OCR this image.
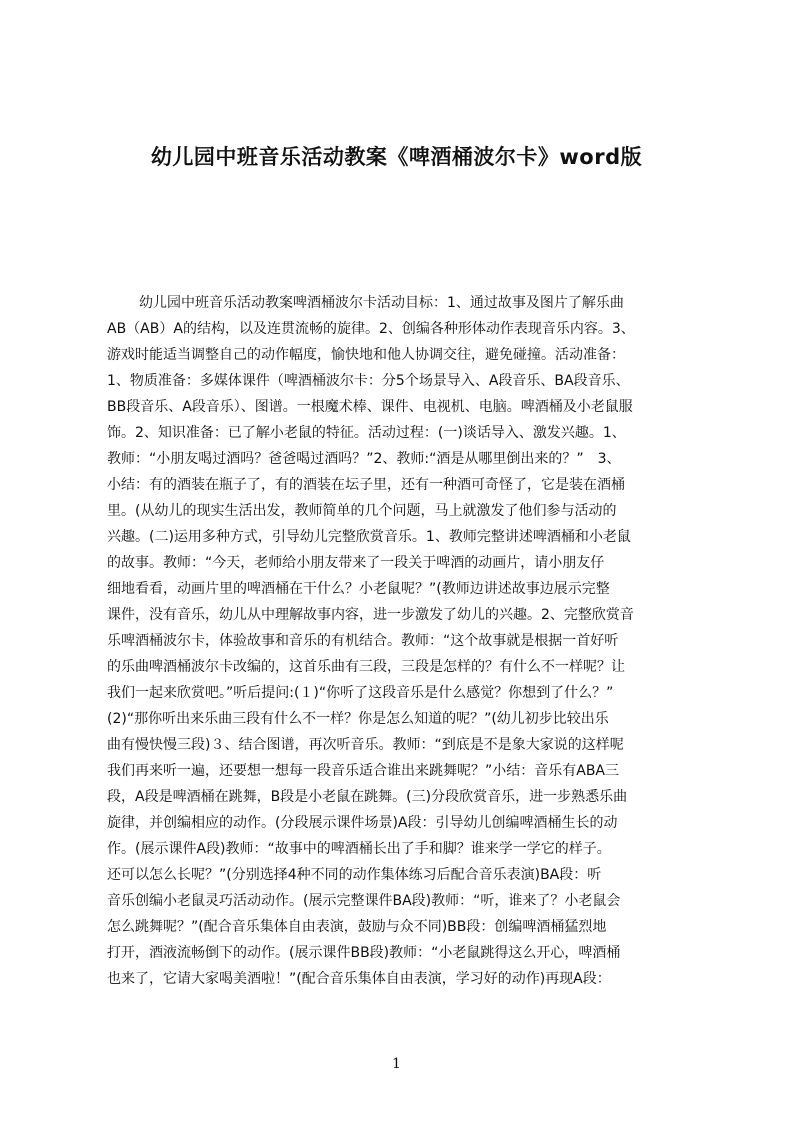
幼儿园中班音乐活动教案《啤酒桶波尔卡》word版
幼儿园中班音乐活动教案啤酒桶波尔卡活动目标：1、通过故事及图片了解乐曲
AB（AB）A的结构，以及连贯流畅的旋律。2、创编各种形体动作表现音乐内容。3、
游戏时能适当调整自己的动作幅度，愉快地和他人协调交往，避免碰撞。活动准备：
1、物质准备：多媒体课件（啤酒桶波尔卡：分5个场景导入、A段音乐、BA段音乐、
BB段音乐、A段音乐）、图谱。一根魔术棒、课件、电视机、电脑。啤酒桶及小老鼠服
饰。2、知识准备：已了解小老鼠的特征。活动过程：(一)谈话导入、激发兴趣。1、
教师：“小朋友喝过酒吗？爸爸喝过酒吗？”2、教师:“酒是从哪里倒出来的？”　3、
小结：有的酒装在瓶子了，有的酒装在坛子里，还有一种酒可奇怪了，它是装在酒桶
里。(从幼儿的现实生活出发，教师简单的几个问题，马上就激发了他们参与活动的
兴趣。(二)运用多种方式，引导幼儿完整欣赏音乐。1、教师完整讲述啤酒桶和小老鼠
的故事。教师：“今天，老师给小朋友带来了一段关于啤酒的动画片，请小朋友仔
细地看看，动画片里的啤酒桶在干什么？小老鼠呢？”(教师边讲述故事边展示完整
课件，没有音乐，幼儿从中理解故事内容，进一步激发了幼儿的兴趣。2、完整欣赏音
乐啤酒桶波尔卡，体验故事和音乐的有机结合。教师：“这个故事就是根据一首好听
的乐曲啤酒桶波尔卡改编的，这首乐曲有三段，三段是怎样的？有什么不一样呢？让
我们一起来欣赏吧。”听后提问:(１)“你听了这段音乐是什么感觉？你想到了什么？”
(2)“那你听出来乐曲三段有什么不一样？你是怎么知道的呢？”(幼儿初步比较出乐
曲有慢快慢三段)３、结合图谱，再次听音乐。教师：“到底是不是象大家说的这样呢
我们再来听一遍，还要想一想每一段音乐适合谁出来跳舞呢？”小结：音乐有ABA三
段，A段是啤酒桶在跳舞，B段是小老鼠在跳舞。(三)分段欣赏音乐，进一步熟悉乐曲
旋律，并创编相应的动作。(分段展示课件场景)A段：引导幼儿创编啤酒桶生长的动
作。(展示课件A段)教师：“故事中的啤酒桶长出了手和脚？谁来学一学它的样子。
还可以怎么长呢？”(分别选择4种不同的动作集体练习后配合音乐表演)BA段：听
音乐创编小老鼠灵巧活动动作。(展示完整课件BA段)教师：“听，谁来了？小老鼠会
怎么跳舞呢？”(配合音乐集体自由表演，鼓励与众不同)BB段：创编啤酒桶猛烈地
打开，酒液流畅倒下的动作。(展示课件BB段)教师：“小老鼠跳得这么开心，啤酒桶
也来了，它请大家喝美酒啦！”(配合音乐集体自由表演，学习好的动作)再现A段：
1
